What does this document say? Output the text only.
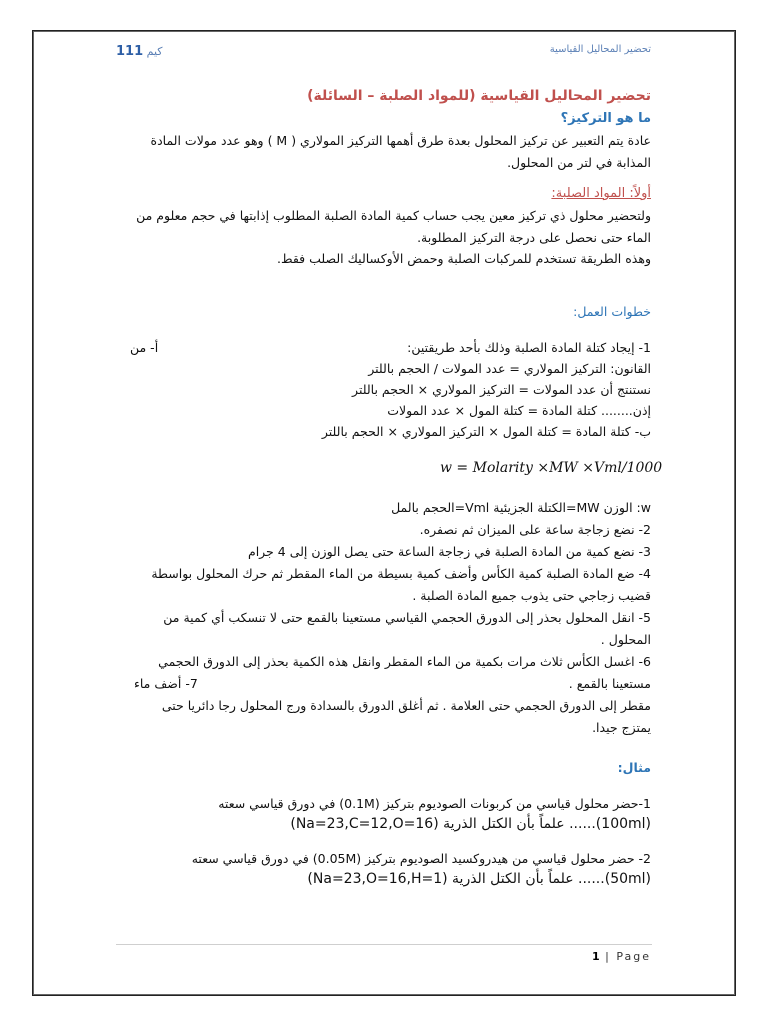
كيم 111	تحضير المحاليل القياسية
تحضير المحاليل القياسية (للمواد الصلبة – السائلة)
ما هو التركيز؟
عادة يتم التعبير عن تركيز المحلول بعدة طرق أهمها التركيز المولاري ( M ) وهو عدد مولات المادة
المذابة في لتر من المحلول.
أولاً: المواد الصلبة:
ولتحضير محلول ذي تركيز معين يجب حساب كمية المادة الصلبة المطلوب إذابتها في حجم معلوم من
الماء حتى نحصل على درجة التركيز المطلوبة.
وهذه الطريقة تستخدم للمركبات الصلبة وحمض الأوكساليك الصلب فقط.
خطوات العمل:
1- إيجاد كتلة المادة الصلبة وذلك بأحد طريقتين:
أ- من
القانون: التركيز المولاري = عدد المولات / الحجم باللتر
نستنتج أن عدد المولات = التركيز المولاري × الحجم باللتر
إذن........ كتلة المادة = كتلة المول × عدد المولات
ب- كتلة المادة = كتلة المول × التركيز المولاري × الحجم باللتر
w = Molarity ×MW ×Vml/1000
w: الوزن MW=الكتلة الجزيئية Vml=الحجم بالمل
2- نضع زجاجة ساعة على الميزان ثم نصفره.
3- نضع كمية من المادة الصلبة في زجاجة الساعة حتى يصل الوزن إلى 4 جرام
4- ضع المادة الصلبة كمية الكأس وأضف كمية بسيطة من الماء المقطر ثم حرك المحلول بواسطة
قضيب زجاجي حتى يذوب جميع المادة الصلبة .
5- انقل المحلول بحذر إلى الدورق الحجمي القياسي مستعينا بالقمع حتى لا تنسكب أي كمية من
المحلول .
6- اغسل الكأس ثلاث مرات بكمية من الماء المقطر وانقل هذه الكمية بحذر إلى الدورق الحجمي
مستعينا بالقمع .
7- أضف ماء
مقطر إلى الدورق الحجمي حتى العلامة . ثم أغلق الدورق بالسدادة ورج المحلول رجا دائريا حتى
يمتزج جيدا.
مثال:
1-حضر محلول قياسي من كربونات الصوديوم بتركيز (0.1M) في دورق قياسي سعته
(100ml)...... علماً بأن الكتل الذرية (Na=23,C=12,O=16)
2- حضر محلول قياسي من هيدروكسيد الصوديوم بتركيز (0.05M) في دورق قياسي سعته
(50ml)...... علماً بأن الكتل الذرية (Na=23,O=16,H=1)
1 | Page
